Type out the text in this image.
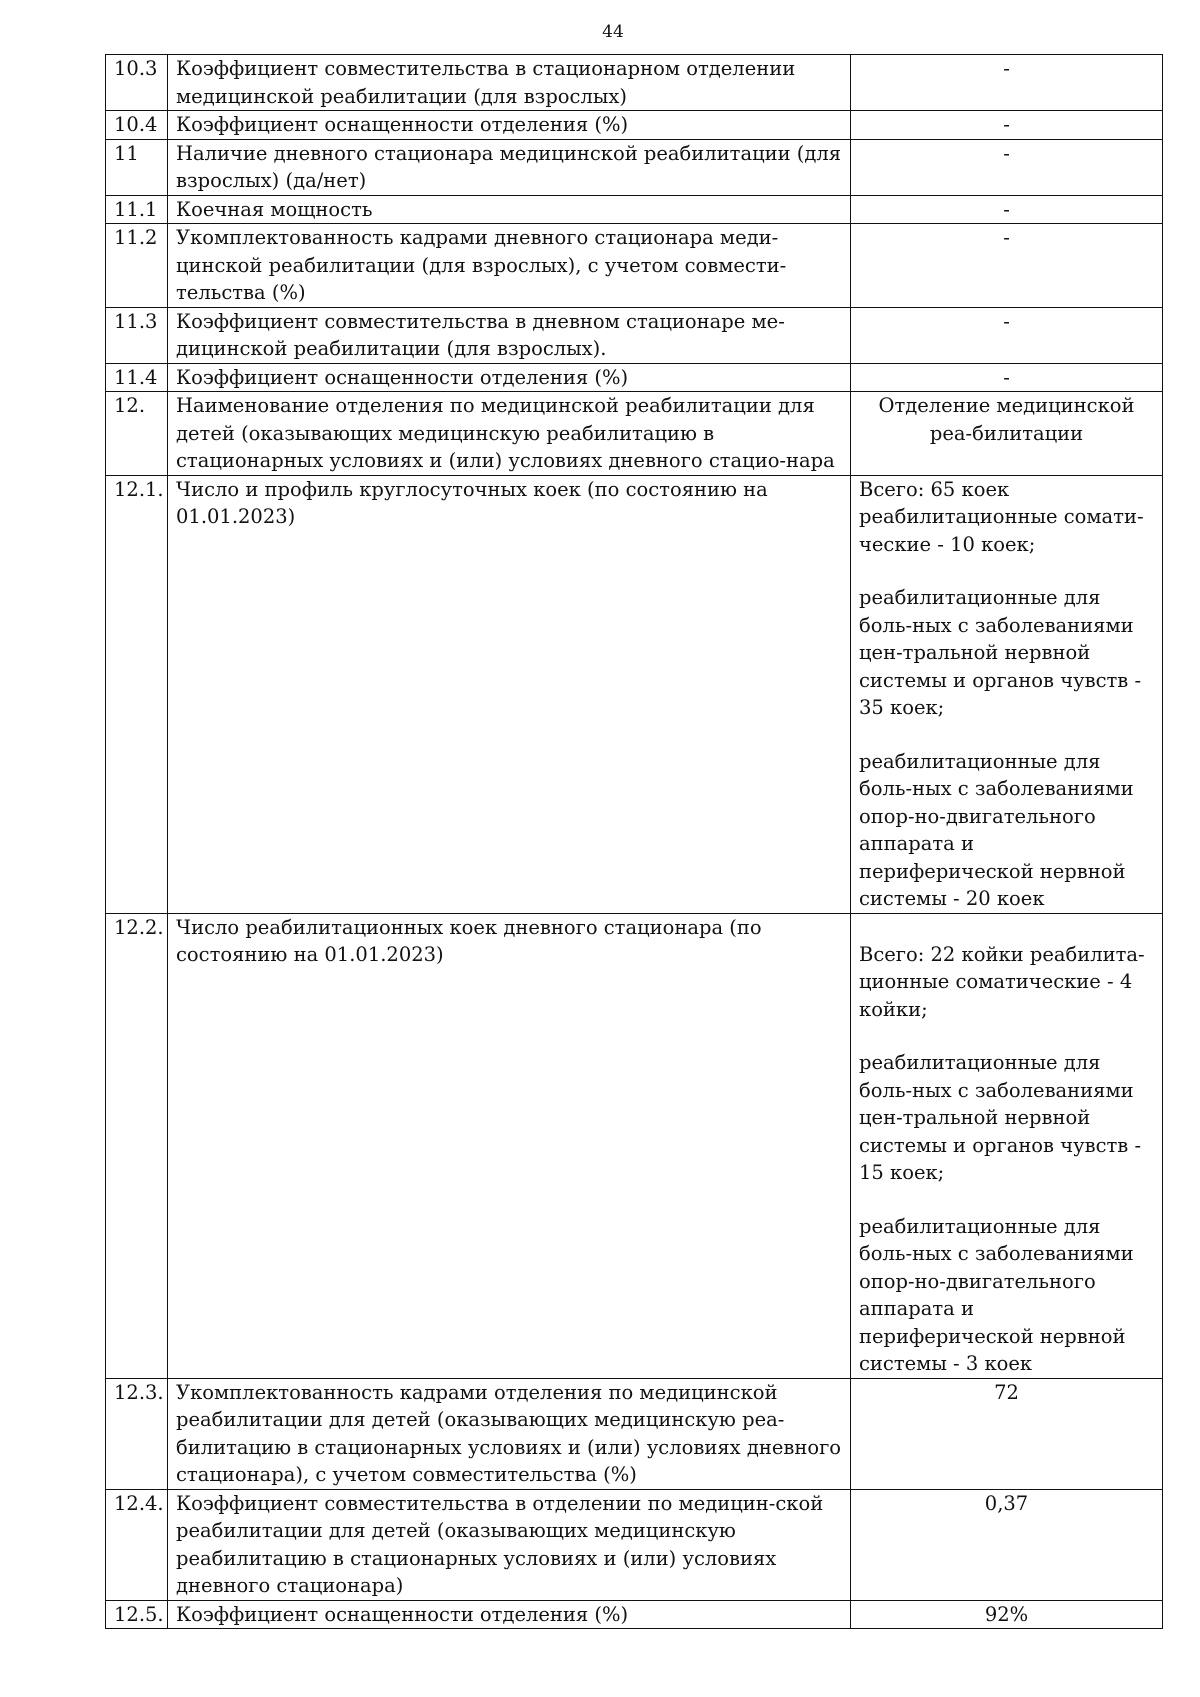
44
10.3	Коэффициент совместительства в стационарном отделении медицинской реабилитации (для взрослых)	-
10.4	Коэффициент оснащенности отделения (%)	-
11	Наличие дневного стационара медицинской реабилитации (для взрослых) (да/нет)	-
11.1	Коечная мощность	-
11.2	Укомплектованность кадрами дневного стационара меди-цинской реабилитации (для взрослых), с учетом совмести-тельства (%)	-
11.3	Коэффициент совместительства в дневном стационаре ме-дицинской реабилитации (для взрослых).	-
11.4	Коэффициент оснащенности отделения (%)	-
12.	Наименование отделения по медицинской реабилитации для детей (оказывающих медицинскую реабилитацию в стационарных условиях и (или) условиях дневного стацио-нара	Отделение медицинской реа-билитации
12.1.	Число и профиль круглосуточных коек (по состоянию на 01.01.2023)	Всего: 65 коек
реабилитационные сомати-ческие - 10 коек;
реабилитационные для боль-ных с заболеваниями цен-тральной нервной системы и органов чувств - 35 коек;
реабилитационные для боль-ных с заболеваниями опор-но-двигательного аппарата и периферической нервной системы - 20 коек

12.2.	Число реабилитационных коек дневного стационара (по состоянию на 01.01.2023)	Всего: 22 койки реабилита-ционные соматические - 4 койки;
реабилитационные для боль-ных с заболеваниями цен-тральной нервной системы и органов чувств - 15 коек;
реабилитационные для боль-ных с заболеваниями опор-но-двигательного аппарата и периферической нервной системы - 3 коек

12.3.	Укомплектованность кадрами отделения по медицинской реабилитации для детей (оказывающих медицинскую реа-билитацию в стационарных условиях и (или) условиях дневного стационара), с учетом совместительства (%)	72
12.4.	Коэффициент совместительства в отделении по медицин-ской реабилитации для детей (оказывающих медицинскую реабилитацию в стационарных условиях и (или) условиях дневного стационара)	0,37
12.5.	Коэффициент оснащенности отделения (%)	92%
